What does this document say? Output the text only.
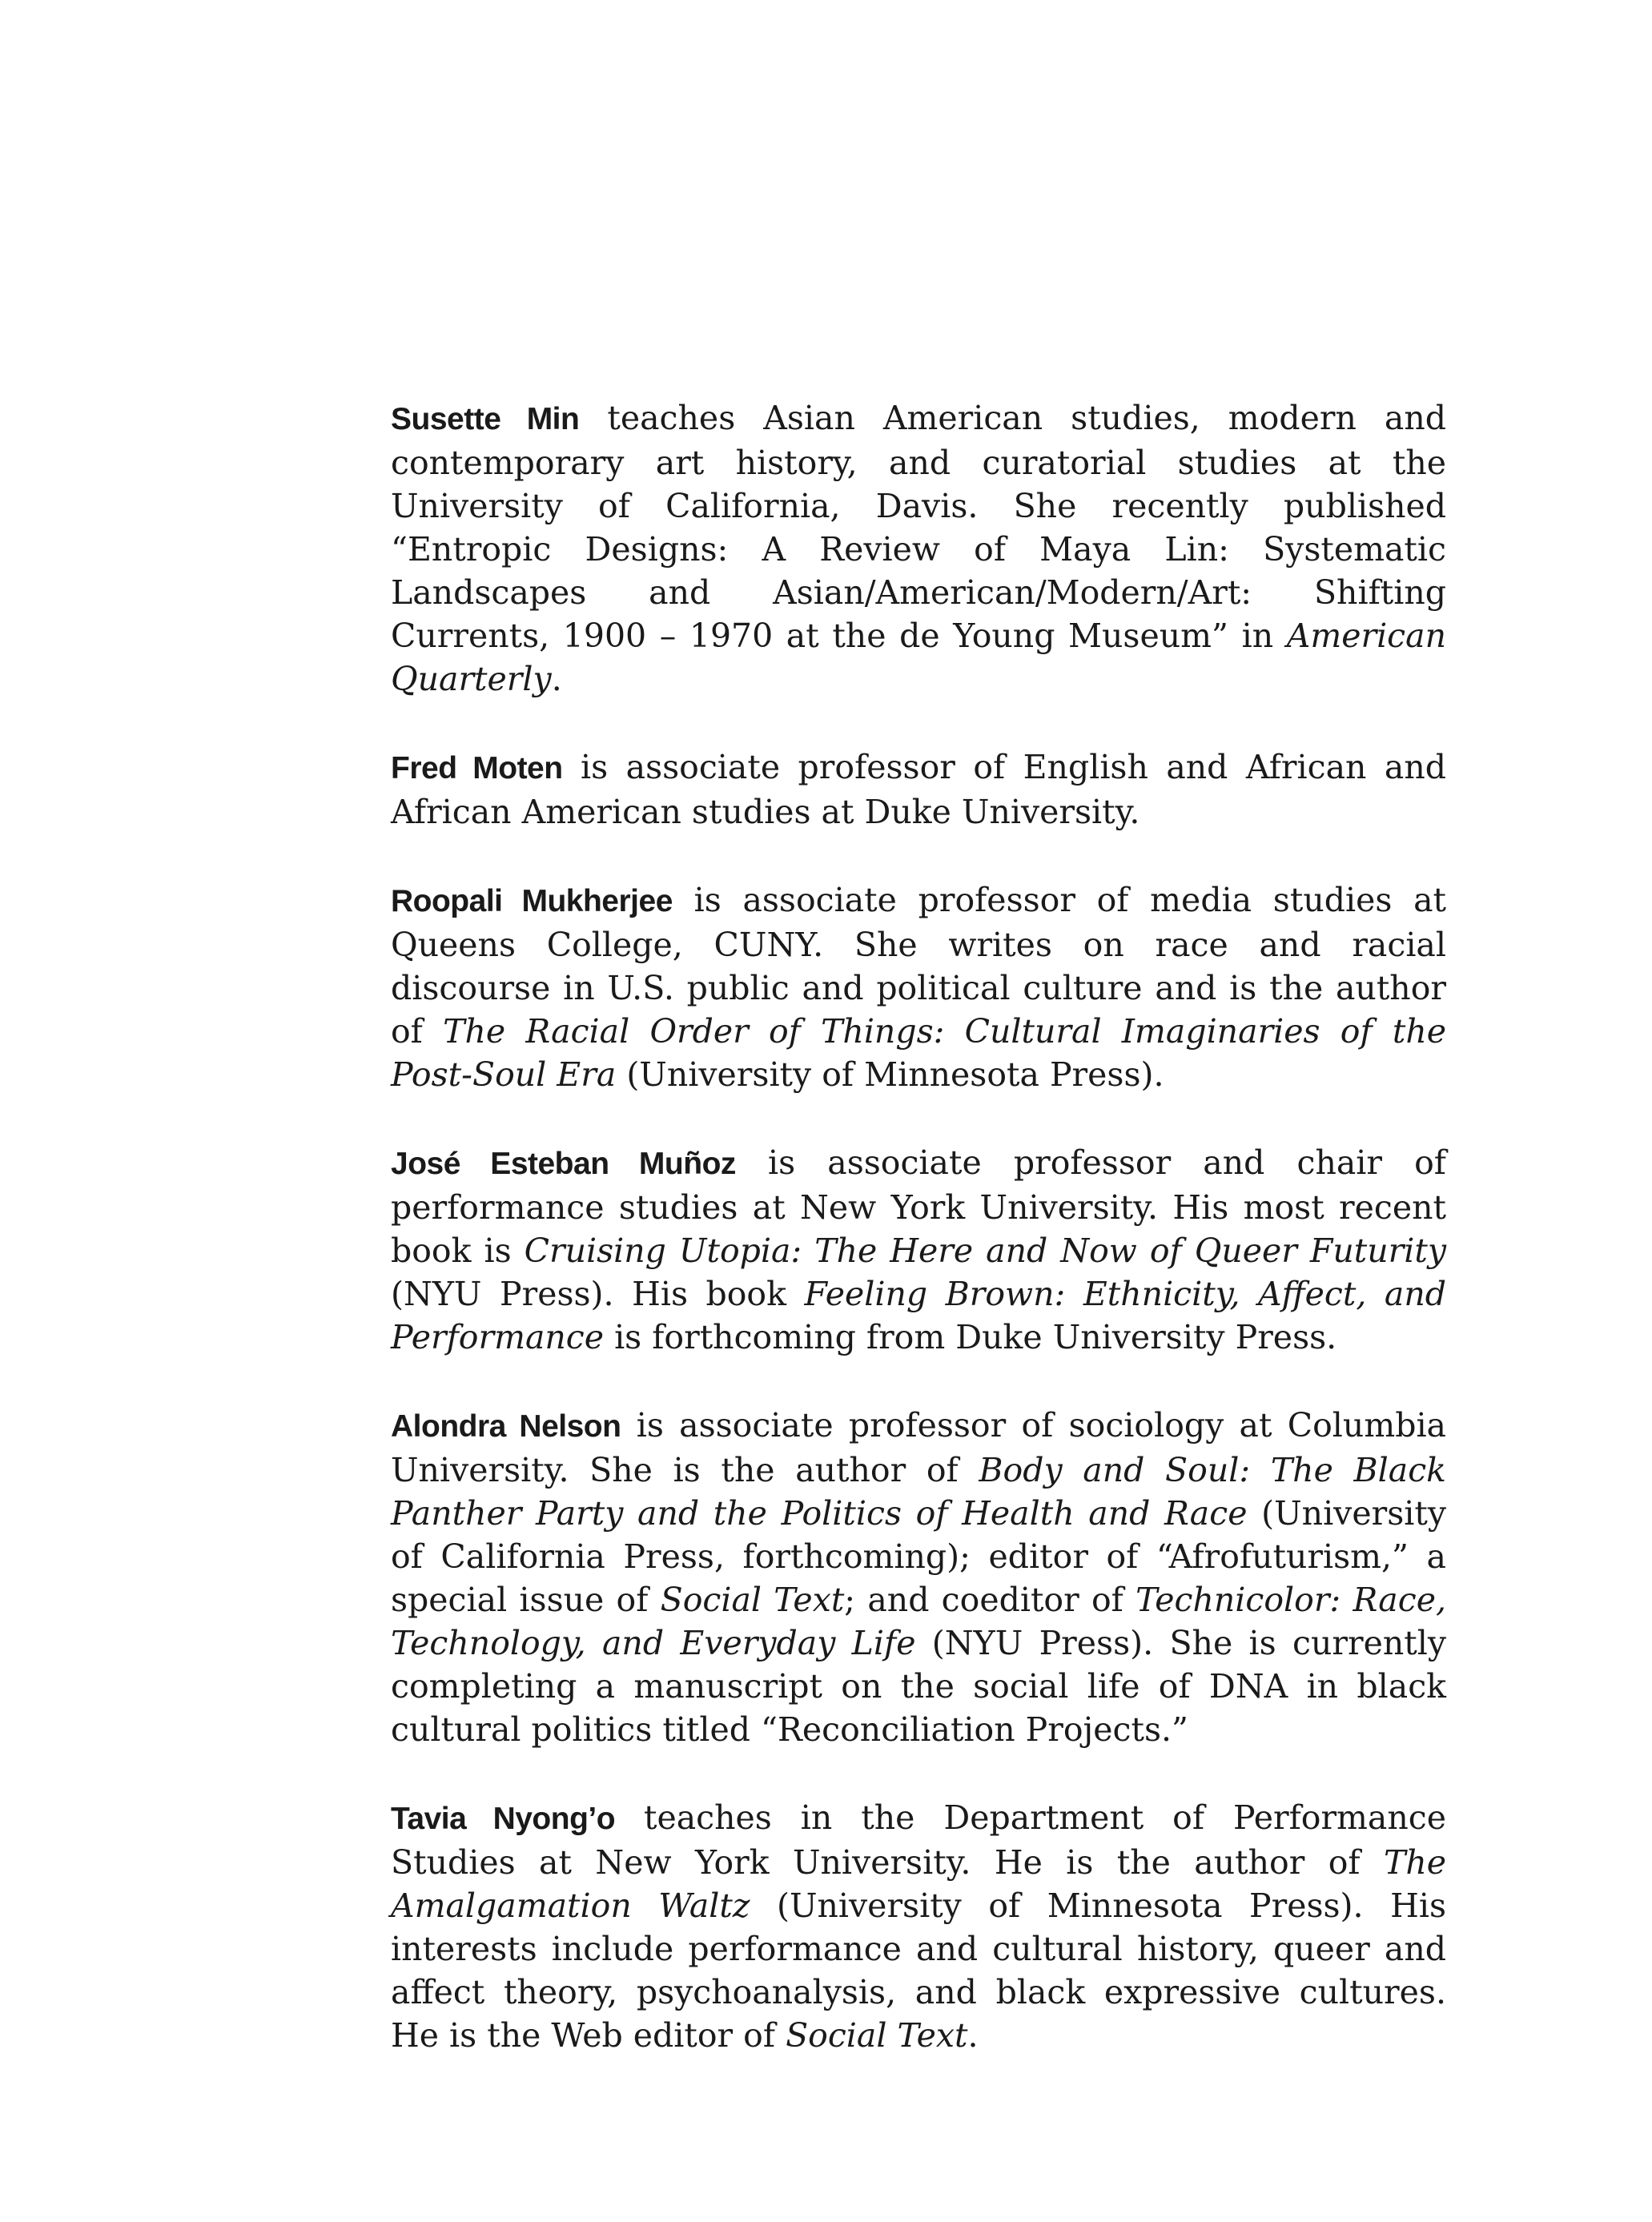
Susette Min teaches Asian American studies, modern and contemporary art history, and curatorial studies at the University of California, Davis. She recently published “Entropic Designs: A Review of Maya Lin: Systematic Landscapes and Asian/American/Modern/Art: Shifting Currents, 1900 – 1970 at the de Young Museum” in American Quarterly.

Fred Moten is associate professor of English and African and African American studies at Duke University.

Roopali Mukherjee is associate professor of media studies at Queens College, CUNY. She writes on race and racial discourse in U.S. public and political culture and is the author of The Racial Order of Things: Cultural Imaginaries of the Post-Soul Era (University of Minnesota Press).

José Esteban Muñoz is associate professor and chair of performance studies at New York University. His most recent book is Cruising Utopia: The Here and Now of Queer Futurity (NYU Press). His book Feeling Brown: Ethnicity, Affect, and Performance is forthcoming from Duke University Press.

Alondra Nelson is associate professor of sociology at Columbia University. She is the author of Body and Soul: The Black Panther Party and the Politics of Health and Race (University of California Press, forthcoming); editor of “Afrofuturism,” a special issue of Social Text; and coeditor of Technicolor: Race, Technology, and Everyday Life (NYU Press). She is currently completing a manuscript on the social life of DNA in black cultural politics titled “Reconciliation Projects.”

Tavia Nyong’o teaches in the Department of Performance Studies at New York University. He is the author of The Amalgamation Waltz (University of Minnesota Press). His interests include performance and cultural history, queer and affect theory, psychoanalysis, and black expressive cultures. He is the Web editor of Social Text.
